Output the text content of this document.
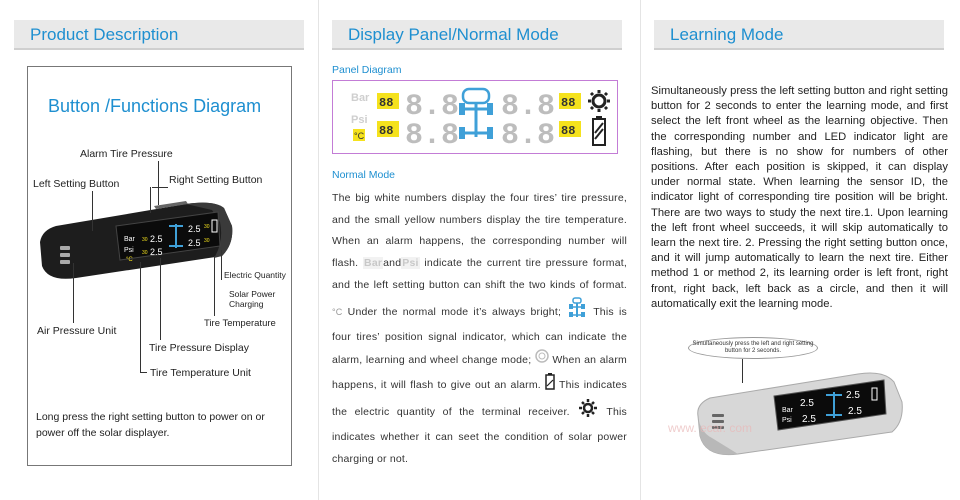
Product Description	Display Panel/Normal Mode	Learning Mode
Button /Functions Diagram
Bar
Psi
°C
30 2.5
30 2.5
2.5
2.5
30
30
Alarm Tire Pressure
Left Setting Button	Right Setting Button
Electric Quantity
Solar Power
Charging
Air Pressure Unit
Tire Temperature
Tire Pressure Display
Tire Temperature Unit
Long press the right setting button to power on or power off the solar displayer.
Panel Diagram
Bar
Psi
°C
88
88
88
88
8.8
8.8
8.8
8.8
Normal Mode
The big white numbers display the four tires’ tire pressure, and the small yellow numbers display the tire temperature. When an alarm happens, the corresponding number will flash. BarandPsi indicate the current tire pressure format, and the left setting button can shift the two kinds of format. °C Under the normal mode it’s always bright;	This is four tires’ position signal indicator, which can indicate the alarm, learning and wheel change mode; When an alarm happens, it will flash to give out an alarm. This indicates the electric quantity of the terminal receiver.	This indicates whether it can seet the condition of solar power charging or not.
Simultaneously press the left setting button and right setting button for 2 seconds to enter the learning mode, and first select the left front wheel as the learning objective. Then the corresponding number and LED indicator light are flashing, but there is no show for numbers of other positions. After each position is skipped, it can display under normal state. When learning the sensor ID, the indicator light of corresponding tire position will be bright. There are two ways to study the next tire.1. Upon learning the left front wheel succeeds, it will skip automatically to learn the next tire. 2. Pressing the right setting button once, and it will jump automatically to learn the next tire. Either method 1 or method 2, its learning order is left front, right front, right back, left back as a circle, and then it will automatically exit the learning mode.
Simultaneously press the left and right setting button for 2 seconds.
Bar
Psi
2.5
2.5
2.5
2.5
www. ecar. com
